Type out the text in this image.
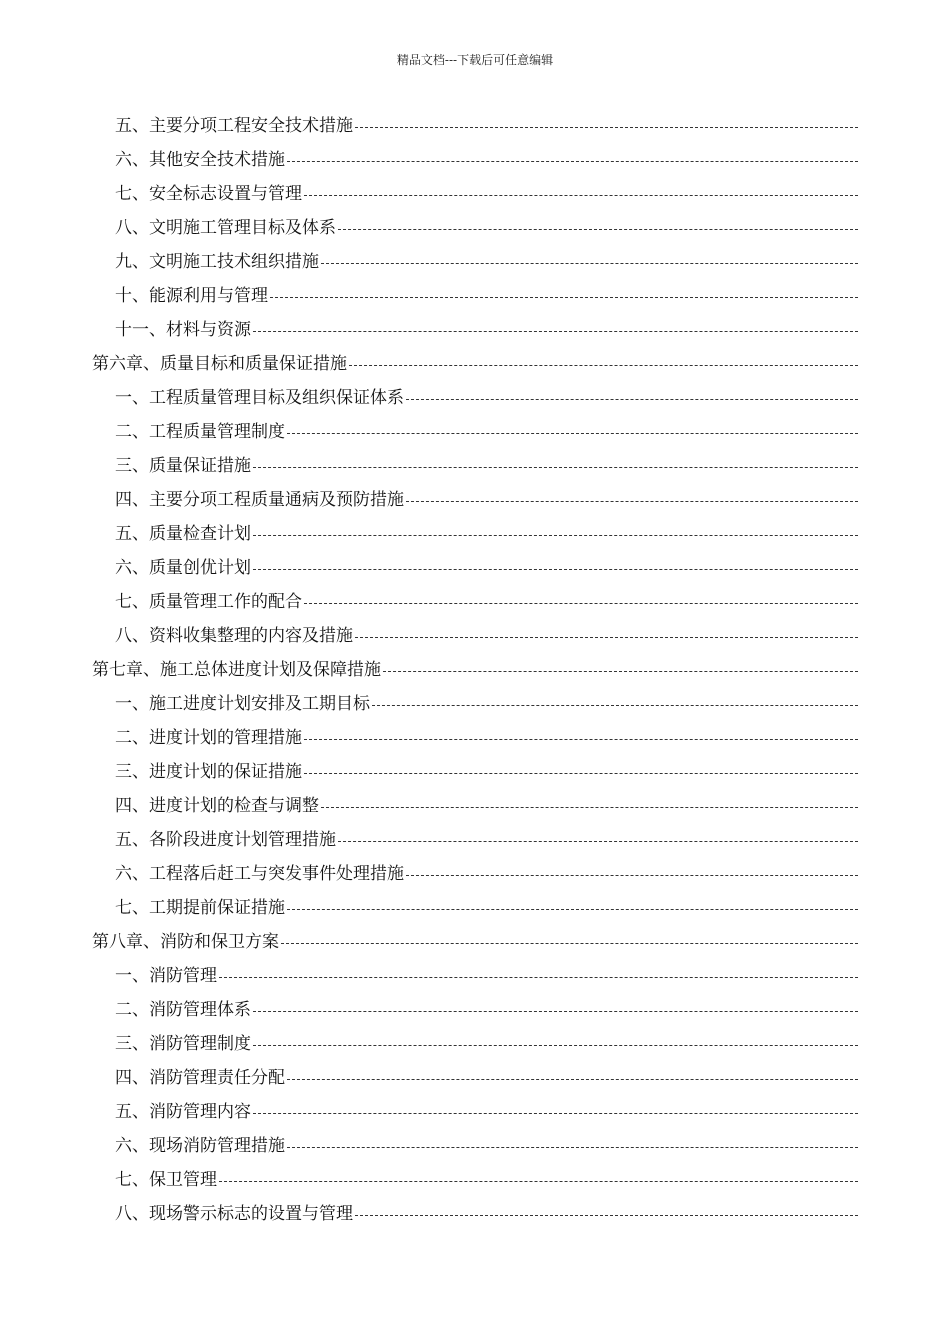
精品文档---下载后可任意编辑
五、主要分项工程安全技术措施
六、其他安全技术措施
七、安全标志设置与管理
八、文明施工管理目标及体系
九、文明施工技术组织措施
十、能源利用与管理
十一、材料与资源
第六章、质量目标和质量保证措施
一、工程质量管理目标及组织保证体系
二、工程质量管理制度
三、质量保证措施
四、主要分项工程质量通病及预防措施
五、质量检查计划
六、质量创优计划
七、质量管理工作的配合
八、资料收集整理的内容及措施
第七章、施工总体进度计划及保障措施
一、施工进度计划安排及工期目标
二、进度计划的管理措施
三、进度计划的保证措施
四、进度计划的检查与调整
五、各阶段进度计划管理措施
六、工程落后赶工与突发事件处理措施
七、工期提前保证措施
第八章、消防和保卫方案
一、消防管理
二、消防管理体系
三、消防管理制度
四、消防管理责任分配
五、消防管理内容
六、现场消防管理措施
七、保卫管理
八、现场警示标志的设置与管理
